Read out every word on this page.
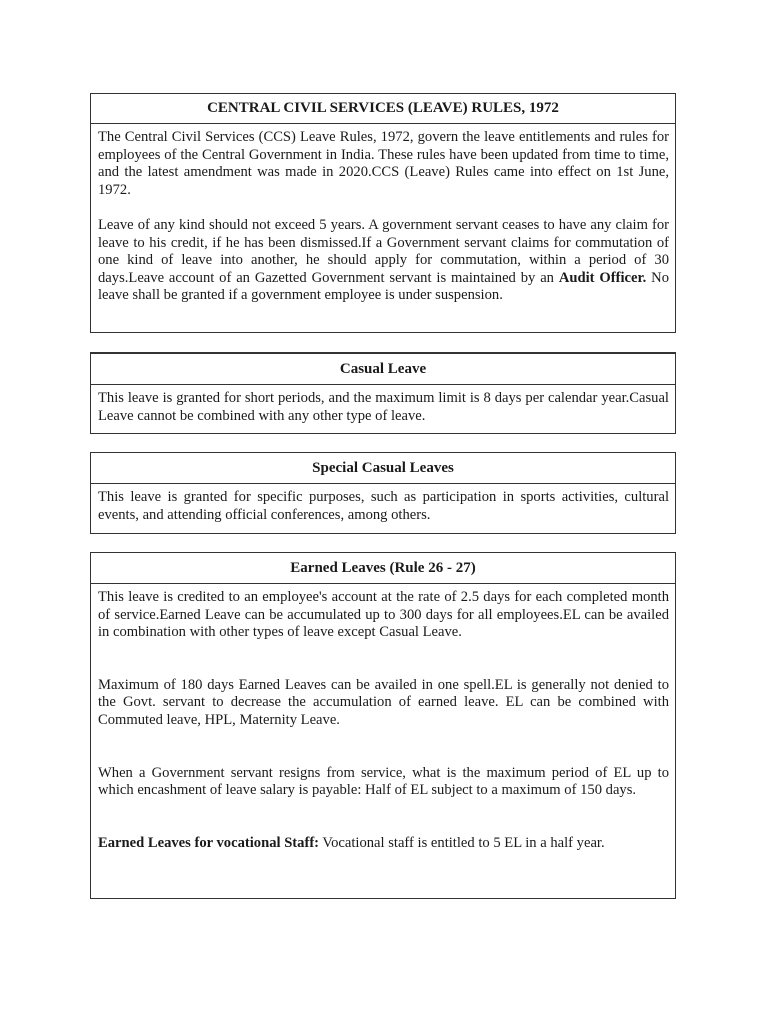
CENTRAL CIVIL SERVICES (LEAVE) RULES, 1972

The Central Civil Services (CCS) Leave Rules, 1972, govern the leave entitlements and rules for employees of the Central Government in India. These rules have been updated from time to time, and the latest amendment was made in 2020.CCS (Leave) Rules came into effect on 1st June, 1972.

Leave of any kind should not exceed 5 years. A government servant ceases to have any claim for leave to his credit, if he has been dismissed.If a Government servant claims for commutation of one kind of leave into another, he should apply for commutation, within a period of 30 days.Leave account of an Gazetted Government servant is maintained by an Audit Officer. No leave shall be granted if a government employee is under suspension.

Casual Leave

This leave is granted for short periods, and the maximum limit is 8 days per calendar year.Casual Leave cannot be combined with any other type of leave.

Special Casual Leaves

This leave is granted for specific purposes, such as participation in sports activities, cultural events, and attending official conferences, among others.

Earned Leaves (Rule 26 - 27)

This leave is credited to an employee's account at the rate of 2.5 days for each completed month of service.Earned Leave can be accumulated up to 300 days for all employees.EL can be availed in combination with other types of leave except Casual Leave.

Maximum of 180 days Earned Leaves can be availed in one spell.EL is generally not denied to the Govt. servant to decrease the accumulation of earned leave. EL can be combined with Commuted leave, HPL, Maternity Leave.

When a Government servant resigns from service, what is the maximum period of EL up to which encashment of leave salary is payable: Half of EL subject to a maximum of 150 days.

Earned Leaves for vocational Staff: Vocational staff is entitled to 5 EL in a half year.
